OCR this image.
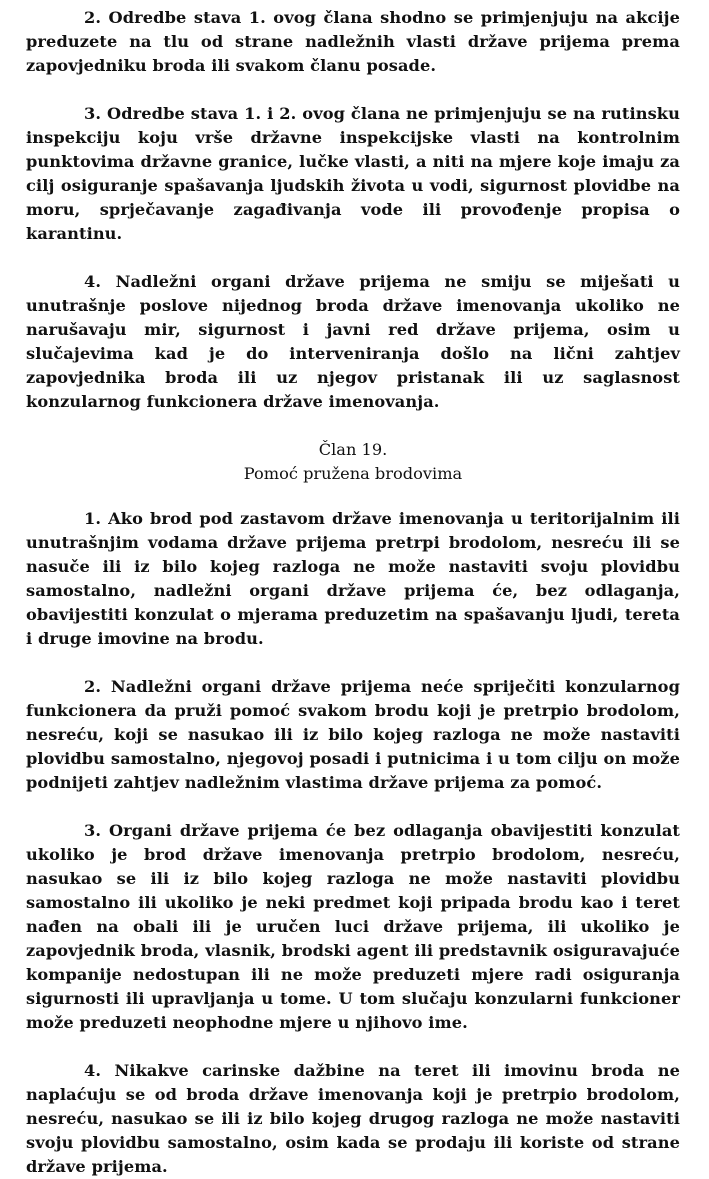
2. Odredbe stava 1. ovog člana shodno se primjenjuju na akcije preduzete na tlu od strane nadležnih vlasti države prijema prema zapovjedniku broda ili svakom članu posade.

3. Odredbe stava 1. i 2. ovog člana ne primjenjuju se na rutinsku inspekciju koju vrše državne inspekcijske vlasti na kontrolnim punktovima državne granice, lučke vlasti, a niti na mjere koje imaju za cilj osiguranje spašavanja ljudskih života u vodi, sigurnost plovidbe na moru, sprječavanje zagađivanja vode ili provođenje propisa o karantinu.

4. Nadležni organi države prijema ne smiju se miješati u unutrašnje poslove nijednog broda države imenovanja ukoliko ne narušavaju mir, sigurnost i javni red države prijema, osim u slučajevima kad je do interveniranja došlo na lični zahtjev zapovjednika broda ili uz njegov pristanak ili uz saglasnost konzularnog funkcionera države imenovanja.

Član 19.

Pomoć pružena brodovima

1. Ako brod pod zastavom države imenovanja u teritorijalnim ili unutrašnjim vodama države prijema pretrpi brodolom, nesreću ili se nasuče ili iz bilo kojeg razloga ne može nastaviti svoju plovidbu samostalno, nadležni organi države prijema će, bez odlaganja, obavijestiti konzulat o mjerama preduzetim na spašavanju ljudi, tereta i druge imovine na brodu.

2. Nadležni organi države prijema neće spriječiti konzularnog funkcionera da pruži pomoć svakom brodu koji je pretrpio brodolom, nesreću, koji se nasukao ili iz bilo kojeg razloga ne može nastaviti plovidbu samostalno, njegovoj posadi i putnicima i u tom cilju on može podnijeti zahtjev nadležnim vlastima države prijema za pomoć.

3. Organi države prijema će bez odlaganja obavijestiti konzulat ukoliko je brod države imenovanja pretrpio brodolom, nesreću, nasukao se ili iz bilo kojeg razloga ne može nastaviti plovidbu samostalno ili ukoliko je neki predmet koji pripada brodu kao i teret nađen na obali ili je uručen luci države prijema, ili ukoliko je zapovjednik broda, vlasnik, brodski agent ili predstavnik osiguravajuće kompanije nedostupan ili ne može preduzeti mjere radi osiguranja sigurnosti ili upravljanja u tome. U tom slučaju konzularni funkcioner može preduzeti neophodne mjere u njihovo ime.

4. Nikakve carinske dažbine na teret ili imovinu broda ne naplaćuju se od broda države imenovanja koji je pretrpio brodolom, nesreću, nasukao se ili iz bilo kojeg drugog razloga ne može nastaviti svoju plovidbu samostalno, osim kada se prodaju ili koriste od strane države prijema.
